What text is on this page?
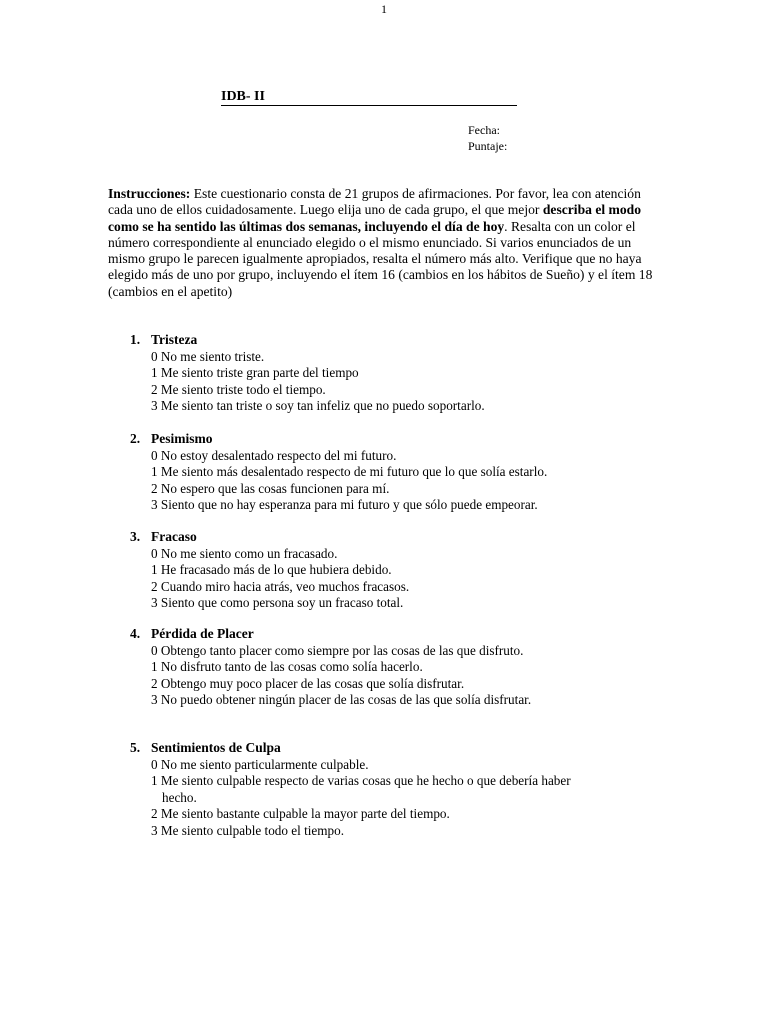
1
IDB- II
Fecha:
Puntaje:
Instrucciones: Este cuestionario consta de 21 grupos de afirmaciones. Por favor, lea con atención cada uno de ellos cuidadosamente. Luego elija uno de cada grupo, el que mejor describa el modo como se ha sentido las últimas dos semanas, incluyendo el día de hoy. Resalta con un color el número correspondiente al enunciado elegido o el mismo enunciado. Si varios enunciados de un mismo grupo le parecen igualmente apropiados, resalta el número más alto. Verifique que no haya elegido más de uno por grupo, incluyendo el ítem 16 (cambios en los hábitos de Sueño) y el ítem 18 (cambios en el apetito)
1. Tristeza
0 No me siento triste.
1 Me siento triste gran parte del tiempo
2 Me siento triste todo el tiempo.
3 Me siento tan triste o soy tan infeliz que no puedo soportarlo.
2. Pesimismo
0 No estoy desalentado respecto del mi futuro.
1 Me siento más desalentado respecto de mi futuro que lo que solía estarlo.
2 No espero que las cosas funcionen para mí.
3 Siento que no hay esperanza para mi futuro y que sólo puede empeorar.
3. Fracaso
0 No me siento como un fracasado.
1 He fracasado más de lo que hubiera debido.
2 Cuando miro hacia atrás, veo muchos fracasos.
3 Siento que como persona soy un fracaso total.
4. Pérdida de Placer
0 Obtengo tanto placer como siempre por las cosas de las que disfruto.
1 No disfruto tanto de las cosas como solía hacerlo.
2 Obtengo muy poco placer de las cosas que solía disfrutar.
3 No puedo obtener ningún placer de las cosas de las que solía disfrutar.
5. Sentimientos de Culpa
0 No me siento particularmente culpable.
1 Me siento culpable respecto de varias cosas que he hecho o que debería haber
hecho.
2 Me siento bastante culpable la mayor parte del tiempo.
3 Me siento culpable todo el tiempo.
